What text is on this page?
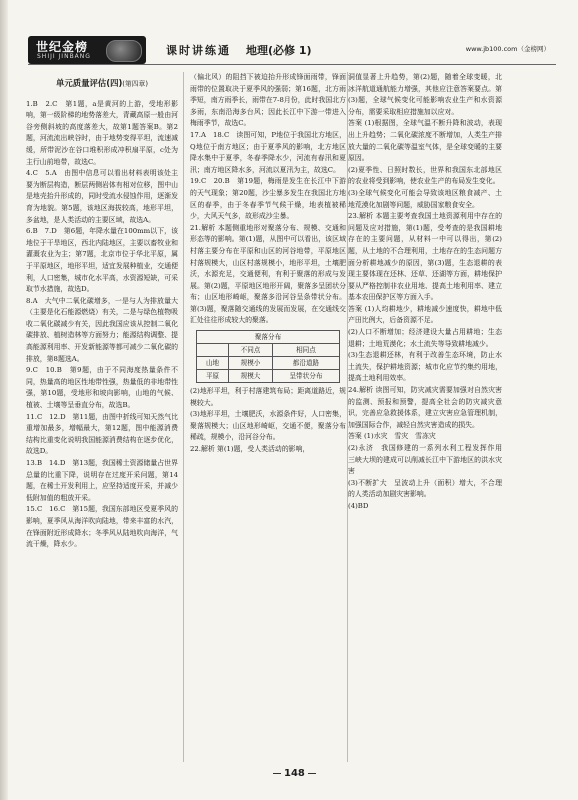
世纪金榜
SHIJI JINBANG	课时讲练通 地理(必修 1)	www.jb100.com（金榜网）
单元质量评估(四)(第四章)

1.B　2.C　第1题，a是黄河的上游，受地形影响，第一级阶梯的地势落差大，青藏高原一般由河谷旁侧斜坡的高度落差大，故第1题答案B。第2题，河流流出峡谷时，由于地势变得平坦，流速减缓，所带泥沙在谷口堆积形成冲积扇平原，c处为主行山前地带，故选C。

4.C　5.A　由图中信息可以看出材料表明该处主要为断层构造，断层两侧岩体有相对位移，图中山是地壳抬升形成的，同时受流水侵蚀作用，逐渐发育为地貌。第5题，该地区海拔较高，地形平坦，多盆地，是人类活动的主要区域，故选A。

6.B　7.D　第6题，年降水量在100mm以下，该地位于干旱地区，西北内陆地区，主要以畜牧业和灌溉农业为主；第7题，北京市位于华北平原，属于平原地区，地形平坦，适宜发展种植业，交通便利，人口密集，城市化水平高，水资源短缺，可采取节水措施，故选D。

8.A　大气中二氧化碳增多，一是与人为排放量大（主要是化石能源燃烧）有关，二是与绿色植物吸收二氧化碳减少有关，因此我国应该从控制二氧化碳排放、植树造林等方面努力；能源结构调整、提高能源利用率、开发新能源等都可减少二氧化碳的排放，第8题选A。

9.C　10.B　第9题，由于不同海度热量条件不同，热量高的地区性地带性强，热量低的非地带性强，第10题，受地形和坡向影响，山地的气候、植被、土壤等呈垂直分布，故选B。

11.C　12.D　第11题，由图中折线可知天然气比重增加最多，增幅最大，第12题，图中能源消费结构比重变化说明我国能源消费结构在逐步优化，故选D。

13.B　14.D　第13题，我国稀土资源储量占世界总量的比重下降，说明存在过度开采问题，第14题，在稀土开发利用上，应坚持适度开采，并减少低附加值的粗放开采。

15.C　16.C　第15题，我国东部地区受夏季风的影响，夏季风从海洋吹向陆地，带来丰富的水汽，在锋面附近形成降水；冬季风从陆地吹向海洋，气流干燥，降水少。

（偏北风）的阻挡下被迫抬升形成锋面雨带，锋面雨带的位置取决于夏季风的强弱；第16题，北方雨季短，南方雨季长，雨带在7-8月份，此时我国北方多雨，东南沿海多台风；因此长江中下游一带进入梅雨季节，故选C。

17.A　18.C　读图可知，P地位于我国北方地区，Q地位于南方地区；由于夏季风的影响，北方地区降水集中于夏季，冬春季降水少，河流有春汛和夏汛；南方地区降水多，河流以夏汛为主，故选C。

19.C　20.B　第19题，梅雨是发生在长江中下游的天气现象；第20题，沙尘暴多发生在我国北方地区的春季，由于冬春季节气候干燥，地表植被稀少，大风天气多，故形成沙尘暴。

21.解析 本题侧重地形对聚落分布、规模、交通和形态等的影响。第(1)题，从图中可以看出，该区域村落主要分布在平原和山区的河谷地带，平原地区村落规模大，山区村落规模小，地形平坦，土壤肥沃，水源充足，交通便利，有利于聚落的形成与发展。第(2)题，平原地区地形开阔，聚落多呈团状分布；山区地形崎岖，聚落多沿河谷呈条带状分布。第(3)题，聚落随交通线的发展而发展，在交通线交汇处往往形成较大的聚落。

聚落分布		
	不同点	相同点
山地	规模小	都沿道路
平原	规模大	呈带状分布

(2)地形平坦，利于村落建筑布局；距离道路近，规模较大。

(3)地形平坦，土壤肥沃，水源条件好，人口密集，聚落规模大；山区地形崎岖，交通不便，聚落分布稀疏，规模小，沿河谷分布。

22.解析 第(1)题，受人类活动的影响，

洞值显著上升趋势，第(2)题，随着全球变暖，北冰洋航道通航能力增强，其他应注意答案要点。第(3)题，全球气候变化可能影响农业生产和水资源分布，需要采取相应措施加以应对。

答案 (1)根据图，全球气温不断升降和波动，表现出上升趋势；二氧化碳浓度不断增加，人类生产排放大量的二氧化碳等温室气体，是全球变暖的主要原因。

(2)夏季性、日照时数长，世界和我国东北部地区的农业将受到影响，使农业生产的布局发生变化。

(3)全球气候变化可能会导致该地区粮食减产、土地荒漠化加剧等问题，威胁国家粮食安全。

23.解析 本题主要考查我国土地资源利用中存在的问题及应对措施，第(1)题，受考查的是我国耕地存在的主要问题，从材料一中可以得出，第(2)题，从土地的不合理利用，土地存在的生态问题方面分析耕地减少的原因，第(3)题，生态退耕的表现主要体现在还林、还草、还湖等方面，耕地保护要从严格控制非农业用地、提高土地利用率、建立基本农田保护区等方面入手。

答案 (1)人均耕地少，耕地减少速度快，耕地中低产田比例大，后备资源不足。

(2)人口不断增加；经济建设大量占用耕地；生态退耕；土地荒漠化；水土流失等导致耕地减少。

(3)生态退耕还林，有利于改善生态环境，防止水土流失，保护耕地资源；城市化应节约集约用地，提高土地利用效率。

24.解析 读图可知，防灾减灾需要加强对自然灾害的监测、预报和预警，提高全社会的防灾减灾意识，完善应急救援体系，建立灾害应急管理机制，加强国际合作，减轻自然灾害造成的损失。

答案 (1)水灾　雪灾　雪冻灾

(2)永济　我国修建的一系列水利工程发挥作用　三峡大坝的建成可以削减长江中下游地区的洪水灾害

(3)不断扩大　呈波动上升（面积）增大，不合理的人类活动加剧灾害影响。

(4)BD

148
